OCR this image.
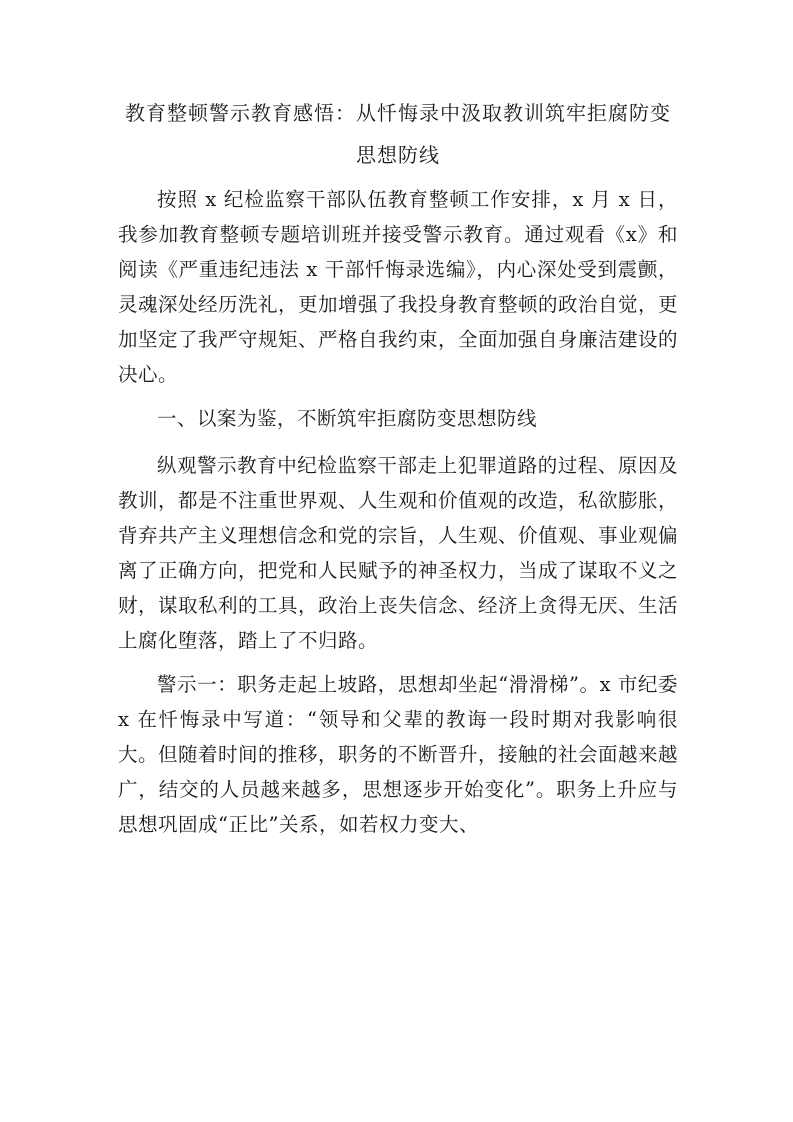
教育整顿警示教育感悟：从忏悔录中汲取教训筑牢拒腐防变思想防线

按照 x 纪检监察干部队伍教育整顿工作安排，x 月 x 日，我参加教育整顿专题培训班并接受警示教育。通过观看《x》和阅读《严重违纪违法 x 干部忏悔录选编》，内心深处受到震颤，灵魂深处经历洗礼，更加增强了我投身教育整顿的政治自觉，更加坚定了我严守规矩、严格自我约束，全面加强自身廉洁建设的决心。

一、以案为鉴，不断筑牢拒腐防变思想防线

纵观警示教育中纪检监察干部走上犯罪道路的过程、原因及教训，都是不注重世界观、人生观和价值观的改造，私欲膨胀，背弃共产主义理想信念和党的宗旨，人生观、价值观、事业观偏离了正确方向，把党和人民赋予的神圣权力，当成了谋取不义之财，谋取私利的工具，政治上丧失信念、经济上贪得无厌、生活上腐化堕落，踏上了不归路。

警示一：职务走起上坡路，思想却坐起“滑滑梯”。x 市纪委 x 在忏悔录中写道：“领导和父辈的教诲一段时期对我影响很大。但随着时间的推移，职务的不断晋升，接触的社会面越来越广，结交的人员越来越多，思想逐步开始变化”。职务上升应与思想巩固成“正比”关系，如若权力变大、
